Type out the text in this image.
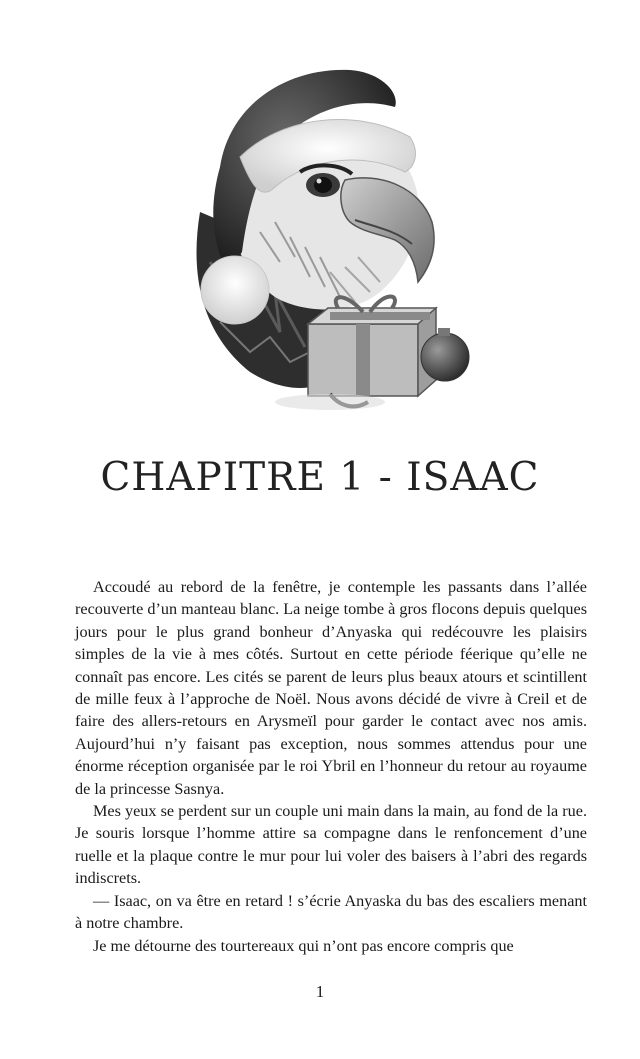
CHAPITRE 1 - ISAAC

Accoudé au rebord de la fenêtre, je contemple les passants dans l’allée recouverte d’un manteau blanc. La neige tombe à gros flocons depuis quelques jours pour le plus grand bonheur d’Anyaska qui redécouvre les plaisirs simples de la vie à mes côtés. Surtout en cette période féerique qu’elle ne connaît pas encore. Les cités se parent de leurs plus beaux atours et scintillent de mille feux à l’approche de Noël. Nous avons décidé de vivre à Creil et de faire des allers-retours en Arysmeïl pour garder le contact avec nos amis. Aujourd’hui n’y faisant pas exception, nous sommes attendus pour une énorme réception organisée par le roi Ybril en l’honneur du retour au royaume de la princesse Sasnya.

Mes yeux se perdent sur un couple uni main dans la main, au fond de la rue. Je souris lorsque l’homme attire sa compagne dans le renfoncement d’une ruelle et la plaque contre le mur pour lui voler des baisers à l’abri des regards indiscrets.

— Isaac, on va être en retard ! s’écrie Anyaska du bas des escaliers menant à notre chambre.

Je me détourne des tourtereaux qui n’ont pas encore compris que

1
